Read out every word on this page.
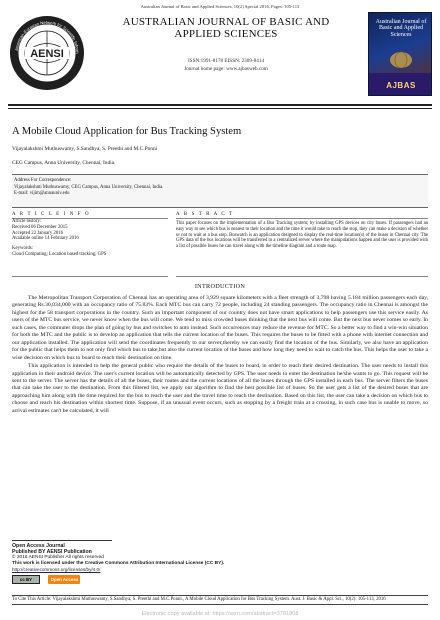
Australian Journal of Basic and Applied Sciences, 10(2) Special 2016, Pages: 105-113
AENSI
American-Eurasian Network for Scientific Inform
AUSTRALIAN JOURNAL OF BASIC AND
APPLIED SCIENCES
ISSN:1991-8178 EISSN: 2309-8414
Journal home page: www.ajbasweb.com
Australian Journal of Basic and Applied Sciences
AJBAS
A Mobile Cloud Application for Bus Tracking System
Vijayalakshmi Muthuswamy, S.Sandhya, S. Preethi and M.C.Ponni
CEG Campus, Anna University, Chennai, India.
Address For Correspondence:
Vijayalakshmi Muthuswamy, CEG Campus, Anna University, Chennai, India.
E-mail: vijim@annauniv.edu
A R T I C L E I N F O
Article history:
Received 06 December 2015
Accepted 22 January 2016
Available online 14 February 2016
Keywords:
Cloud Computing; Location based tracking; GPS
A B S T R A C T
This paper focuses on the implementation of a Bus Tracking system; by installing GPS devices on city buses. If passengers had an easy way to see which bus is nearest to their location and the time it would take to reach the stop, they can make a decision of whether or not to wait at a bus stop. Buswatch is an application designed to display the real-time location(s) of the buses in Chennai city. The GPS data of the bus locations will be transferred to a centralized server where the manipulations happen and the user is provided with a list of possible buses he can travel along with the timeline diagram and a route map.
INTRODUCTION

The Metropolitan Transport Corporation of Chennai has an operating area of 3,929 square kilometers with a fleet strength of 3,798 having 5.184 million passengers each day, generating Rs.30,034,000 with an occupancy ratio of 75.83%. Each MTC bus can carry 72 people, including 24 standing passengers. The occupancy ratio in Chennai is amongst the highest for the 58 transport corporations in the country. Such an important component of our country does not have smart applications to help passengers use this service easily. As users of the MTC bus service, we never know when the bus will come. We tend to miss crowded buses thinking that the next bus will come. But the next bus never comes so early. In such cases, the commuter drops the plan of going by bus and switches to auto instead. Such occurrences may reduce the revenue for MTC. So a better way to find a win-win situation for both the MTC and the public is to develop an application that tells the current location of the buses. This requires the buses to be fitted with a phone with internet connection and our application installed. The application will send the coordinates frequently to our server,thereby we can easily find the location of the bus. Similarly, we also have an application for the public that helps them to not only find which bus to take,but also the current location of the buses and how long they need to wait to catch the bus. This helps the user to take a wise decision on which bus to board to reach their destination on time.

This application is intended to help the general public who require the details of the buses to board, in order to reach their desired destination. The user needs to install this application in their android device. The user's current location will be automatically detected by GPS. The user needs to enter the destination he/she wants to go. This request will be sent to the server. The server has the details of all the buses, their routes and the current locations of all the buses through the GPS installed in each bus. The server filters the buses that can take the user to the destination. From this filtered list, we apply our algorithm to find the best possible list of buses. So the user gets a list of the desired buses that are approaching him along with the time required for the bus to reach the user and the travel time to reach the destination. Based on this list, the user can take a decision on which bus to choose and reach his destination within shortest time. Suppose, if an unusual event occurs, such as stopping by a freight train at a crossing, in such case bus is unable to move, so arrival estimates can't be calculated, it will

Open Access Journal
Published BY AENSI Publication
© 2016 AENSI Publisher All rights reserved
This work is licensed under the Creative Commons Attribution International License (CC BY).
http://creativecommons.org/licenses/by/4.0/
cc BY	Open Access
To Cite This Article: Vijayalakshmi Muthuswamy, S.Sandhya, S. Preethi and M.C.Ponni., A Mobile Cloud Application for Bus Tracking System. Aust. J. Basic & Appl. Sci., 10(2): 105-113, 2016
Electronic copy available at: https://ssrn.com/abstract=3781808
